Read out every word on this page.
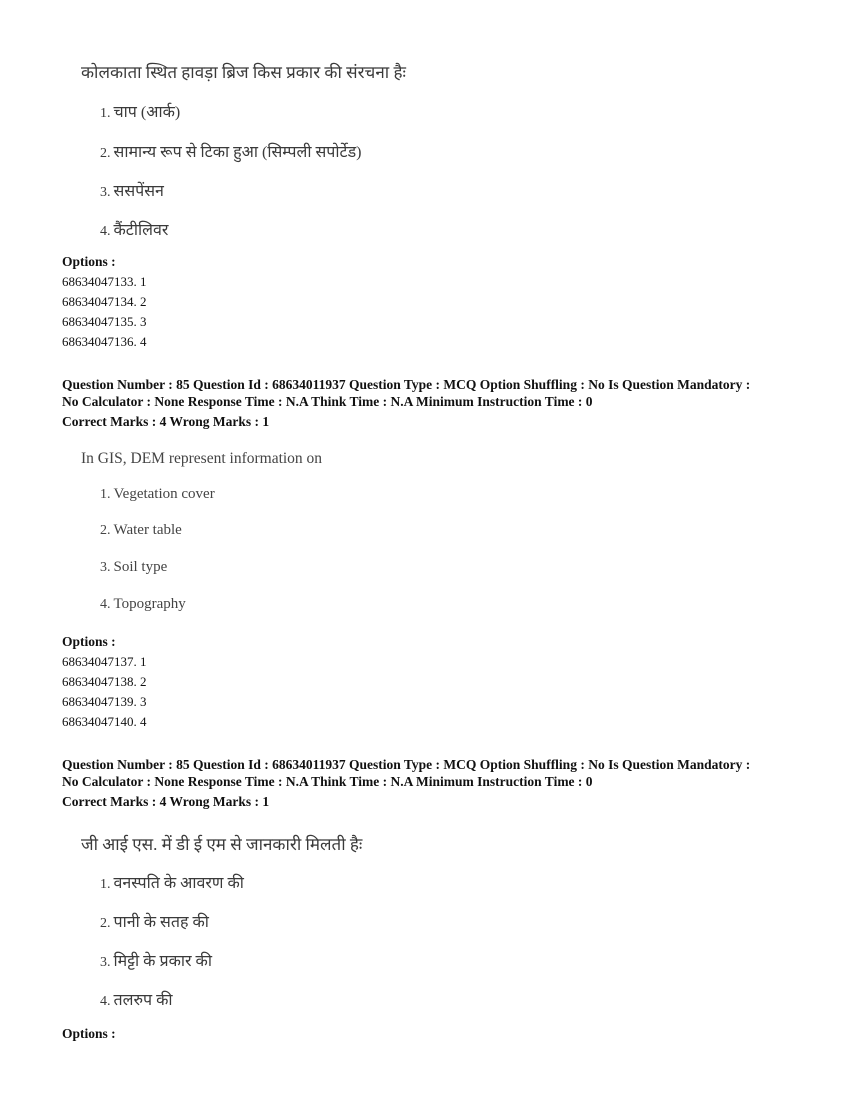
कोलकाता स्थित हावड़ा ब्रिज किस प्रकार की संरचना हैः

1. चाप (आर्क)
2. सामान्य रूप से टिका हुआ (सिम्पली सपोर्टेड)
3. ससपेंसन
4. कैंटीलिवर
Options :
68634047133. 1
68634047134. 2
68634047135. 3
68634047136. 4
Question Number : 85 Question Id : 68634011937 Question Type : MCQ Option Shuffling : No Is Question Mandatory :
No Calculator : None Response Time : N.A Think Time : N.A Minimum Instruction Time : 0
Correct Marks : 4 Wrong Marks : 1

In GIS, DEM represent information on

1. Vegetation cover
2. Water table
3. Soil type
4. Topography
Options :
68634047137. 1
68634047138. 2
68634047139. 3
68634047140. 4
Question Number : 85 Question Id : 68634011937 Question Type : MCQ Option Shuffling : No Is Question Mandatory :
No Calculator : None Response Time : N.A Think Time : N.A Minimum Instruction Time : 0
Correct Marks : 4 Wrong Marks : 1

जी आई एस. में डी ई एम से जानकारी मिलती हैः

1. वनस्पति के आवरण की
2. पानी के सतह की
3. मिट्टी के प्रकार की
4. तलरुप की
Options :
